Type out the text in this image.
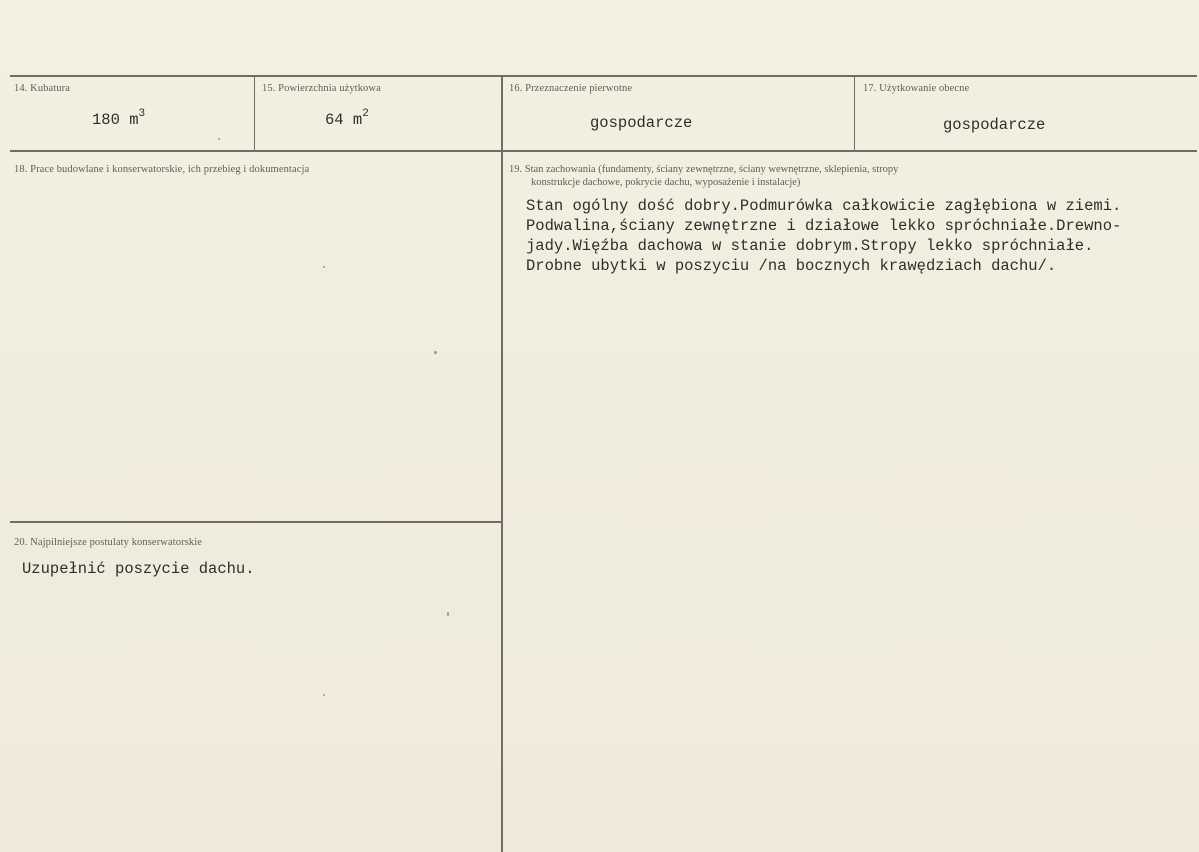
14. Kubatura
180 $m^3$
15. Powierzchnia użytkowa
64 $m^2$
16. Przeznaczenie pierwotne
gospodarcze
17. Użytkowanie obecne
gospodarcze
18. Prace budowlane i konserwatorskie, ich przebieg i dokumentacja	19. Stan zachowania (fundamenty, ściany zewnętrzne, ściany wewnętrzne, sklepienia, stropy
konstrukcje dachowe, pokrycie dachu, wyposażenie i instalacje)
Stan ogólny dość dobry.Podmurówka całkowicie zagłębiona w ziemi.
Podwalina,ściany zewnętrzne i działowe lekko spróchniałe.Drewno-
jady.Więźba dachowa w stanie dobrym.Stropy lekko spróchniałe.
Drobne ubytki w poszyciu /na bocznych krawędziach dachu/.
20. Najpilniejsze postulaty konserwatorskie
Uzupełnić poszycie dachu.
